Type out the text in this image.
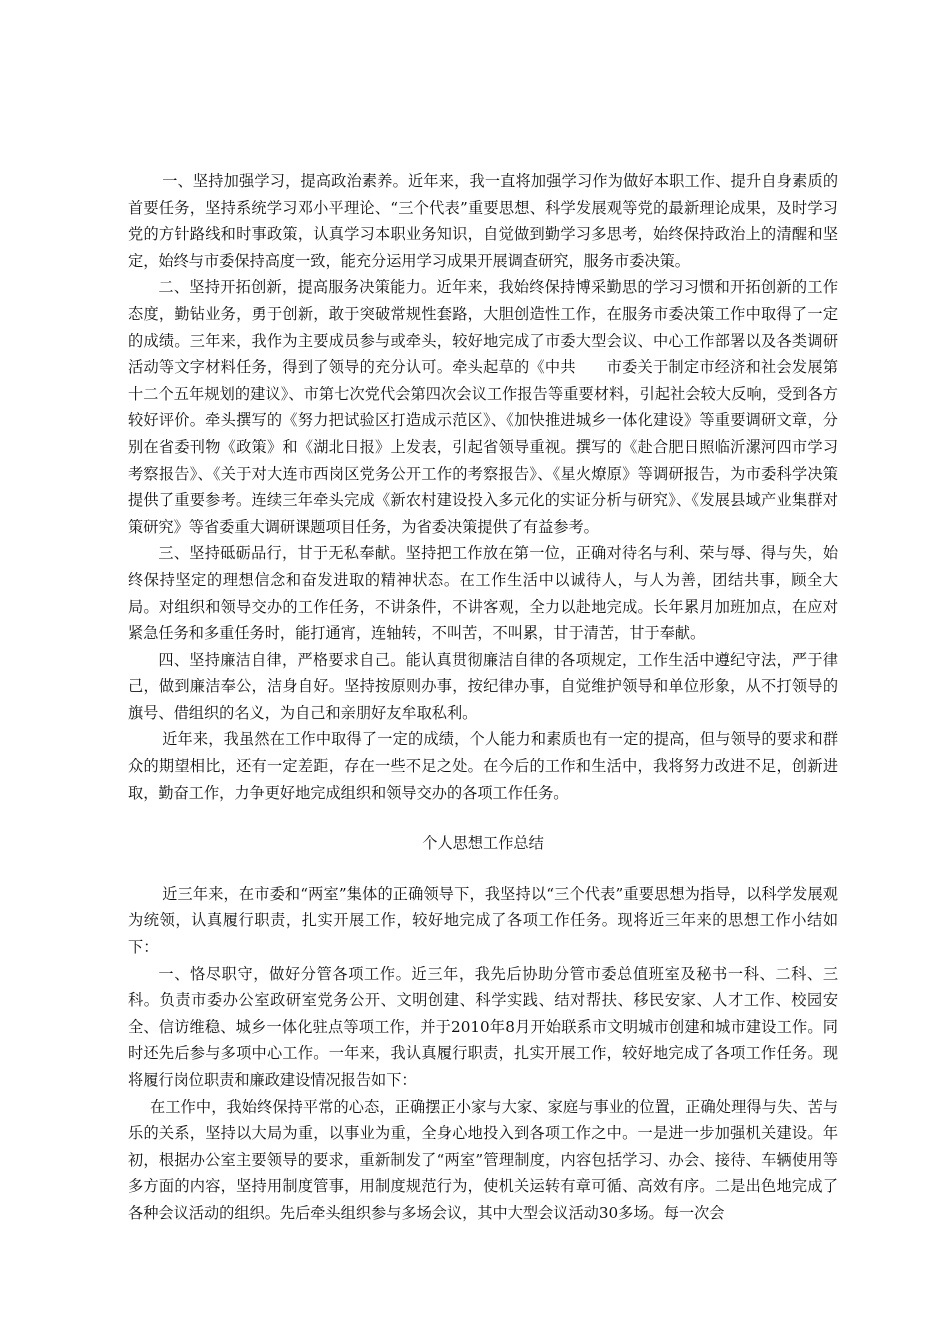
一、坚持加强学习，提高政治素养。近年来，我一直将加强学习作为做好本职工作、提升自身素质的首要任务，坚持系统学习邓小平理论、“三个代表”重要思想、科学发展观等党的最新理论成果，及时学习党的方针路线和时事政策，认真学习本职业务知识，自觉做到勤学习多思考，始终保持政治上的清醒和坚定，始终与市委保持高度一致，能充分运用学习成果开展调查研究，服务市委决策。

二、坚持开拓创新，提高服务决策能力。近年来，我始终保持博采勤思的学习习惯和开拓创新的工作态度，勤钻业务，勇于创新，敢于突破常规性套路，大胆创造性工作，在服务市委决策工作中取得了一定的成绩。三年来，我作为主要成员参与或牵头，较好地完成了市委大型会议、中心工作部署以及各类调研活动等文字材料任务，得到了领导的充分认可。牵头起草的《中共　　市委关于制定市经济和社会发展第十二个五年规划的建议》、市第七次党代会第四次会议工作报告等重要材料，引起社会较大反响，受到各方较好评价。牵头撰写的《努力把试验区打造成示范区》、《加快推进城乡一体化建设》等重要调研文章，分别在省委刊物《政策》和《湖北日报》上发表，引起省领导重视。撰写的《赴合肥日照临沂漯河四市学习考察报告》、《关于对大连市西岗区党务公开工作的考察报告》、《星火燎原》等调研报告，为市委科学决策提供了重要参考。连续三年牵头完成《新农村建设投入多元化的实证分析与研究》、《发展县域产业集群对策研究》等省委重大调研课题项目任务，为省委决策提供了有益参考。

三、坚持砥砺品行，甘于无私奉献。坚持把工作放在第一位，正确对待名与利、荣与辱、得与失，始终保持坚定的理想信念和奋发进取的精神状态。在工作生活中以诚待人，与人为善，团结共事，顾全大局。对组织和领导交办的工作任务，不讲条件，不讲客观，全力以赴地完成。长年累月加班加点，在应对紧急任务和多重任务时，能打通宵，连轴转，不叫苦，不叫累，甘于清苦，甘于奉献。

四、坚持廉洁自律，严格要求自己。能认真贯彻廉洁自律的各项规定，工作生活中遵纪守法，严于律己，做到廉洁奉公，洁身自好。坚持按原则办事，按纪律办事，自觉维护领导和单位形象，从不打领导的旗号、借组织的名义，为自己和亲朋好友牟取私利。

近年来，我虽然在工作中取得了一定的成绩，个人能力和素质也有一定的提高，但与领导的要求和群众的期望相比，还有一定差距，存在一些不足之处。在今后的工作和生活中，我将努力改进不足，创新进取，勤奋工作，力争更好地完成组织和领导交办的各项工作任务。

个人思想工作总结

近三年来，在市委和“两室”集体的正确领导下，我坚持以“三个代表”重要思想为指导，以科学发展观为统领，认真履行职责，扎实开展工作，较好地完成了各项工作任务。现将近三年来的思想工作小结如下：

一、恪尽职守，做好分管各项工作。近三年，我先后协助分管市委总值班室及秘书一科、二科、三科。负责市委办公室政研室党务公开、文明创建、科学实践、结对帮扶、移民安家、人才工作、校园安全、信访维稳、城乡一体化驻点等项工作，并于2010年8月开始联系市文明城市创建和城市建设工作。同时还先后参与多项中心工作。一年来，我认真履行职责，扎实开展工作，较好地完成了各项工作任务。现将履行岗位职责和廉政建设情况报告如下：

在工作中，我始终保持平常的心态，正确摆正小家与大家、家庭与事业的位置，正确处理得与失、苦与乐的关系，坚持以大局为重，以事业为重，全身心地投入到各项工作之中。一是进一步加强机关建设。年初，根据办公室主要领导的要求，重新制发了“两室”管理制度，内容包括学习、办会、接待、车辆使用等多方面的内容，坚持用制度管事，用制度规范行为，使机关运转有章可循、高效有序。二是出色地完成了各种会议活动的组织。先后牵头组织参与多场会议，其中大型会议活动30多场。每一次会
